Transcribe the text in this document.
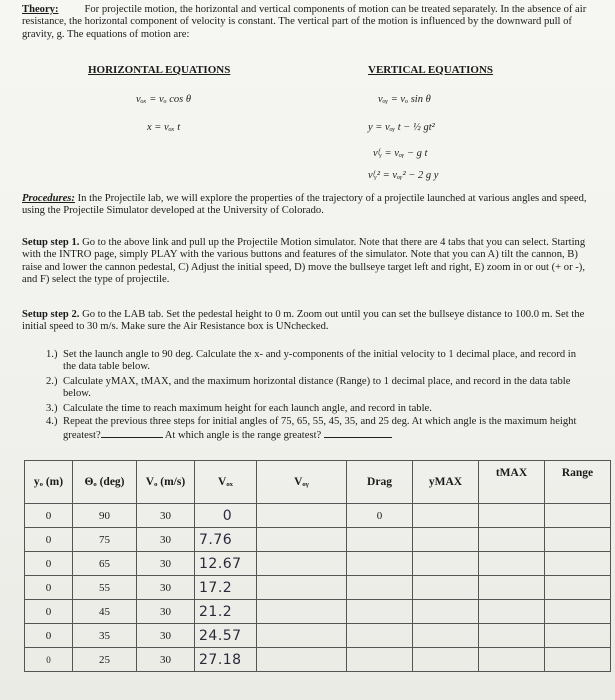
Theory: For projectile motion, the horizontal and vertical components of motion can be treated separately. In the absence of air resistance, the horizontal component of velocity is constant. The vertical part of the motion is influenced by the downward pull of gravity, g. The equations of motion are:
HORIZONTAL EQUATIONS	VERTICAL EQUATIONS
vₒₓ = vₒ cos θ
x = vₒₓ t
vₒᵧ = vₒ sin θ
y = vₒᵧ t − ½ gt²
vᶠᵧ = vₒᵧ − g t
vᶠᵧ² = vₒᵧ² − 2 g y
Procedures: In the Projectile lab, we will explore the properties of the trajectory of a projectile launched at various angles and speed, using the Projectile Simulator developed at the University of Colorado.
Setup step 1. Go to the above link and pull up the Projectile Motion simulator. Note that there are 4 tabs that you can select. Starting with the INTRO page, simply PLAY with the various buttons and features of the simulator. Note that you can A) tilt the cannon, B) raise and lower the cannon pedestal, C) Adjust the initial speed, D) move the bullseye target left and right, E) zoom in or out (+ or -), and F) select the type of projectile.
Setup step 2. Go to the LAB tab. Set the pedestal height to 0 m. Zoom out until you can set the bullseye distance to 100.0 m. Set the initial speed to 30 m/s. Make sure the Air Resistance box is UNchecked.
1.) Set the launch angle to 90 deg. Calculate the x- and y-components of the initial velocity to 1 decimal place, and record in the data table below.
2.) Calculate yMAX, tMAX, and the maximum horizontal distance (Range) to 1 decimal place, and record in the data table below.
3.) Calculate the time to reach maximum height for each launch angle, and record in table.
4.) Repeat the previous three steps for initial angles of 75, 65, 55, 45, 35, and 25 deg. At which angle is the maximum height greatest?	At which angle is the range greatest?
yₒ (m)	Θₒ (deg)	Vₒ (m/s)	Vₒₓ	Vₒᵧ	Drag	yMAX	tMAX	Range
0	90	30	0		0			
0	75	30	7.76					
0	65	30	12.67					
0	55	30	17.2					
0	45	30	21.2					
0	35	30	24.57					
0	25	30	27.18					
